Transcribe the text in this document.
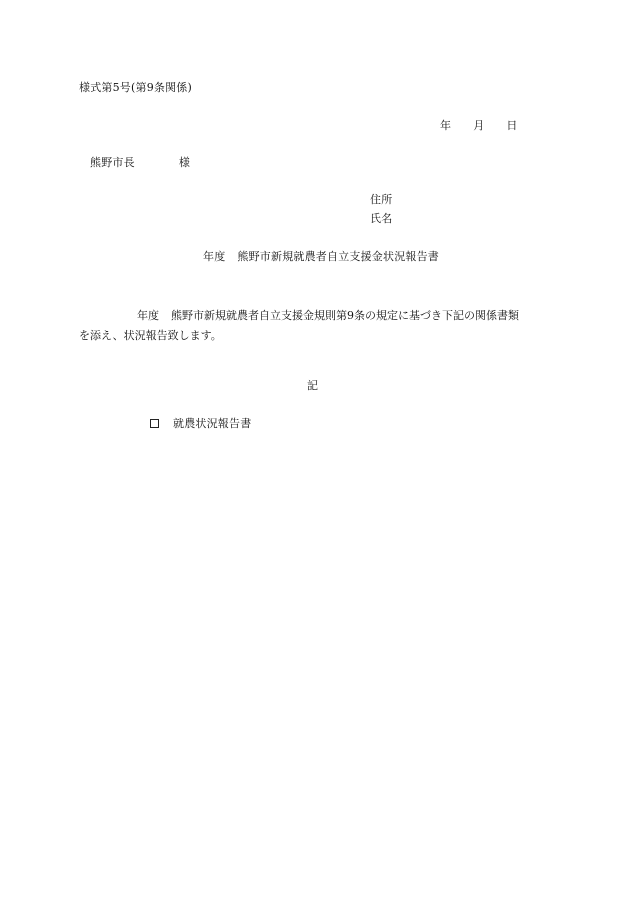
様式第5号(第9条関係)
年 月 日
熊野市長	様
住所
氏名
年度 熊野市新規就農者自立支援金状況報告書
年度 熊野市新規就農者自立支援金規則第9条の規定に基づき下記の関係書類
を添え、状況報告致します。
記
就農状況報告書
